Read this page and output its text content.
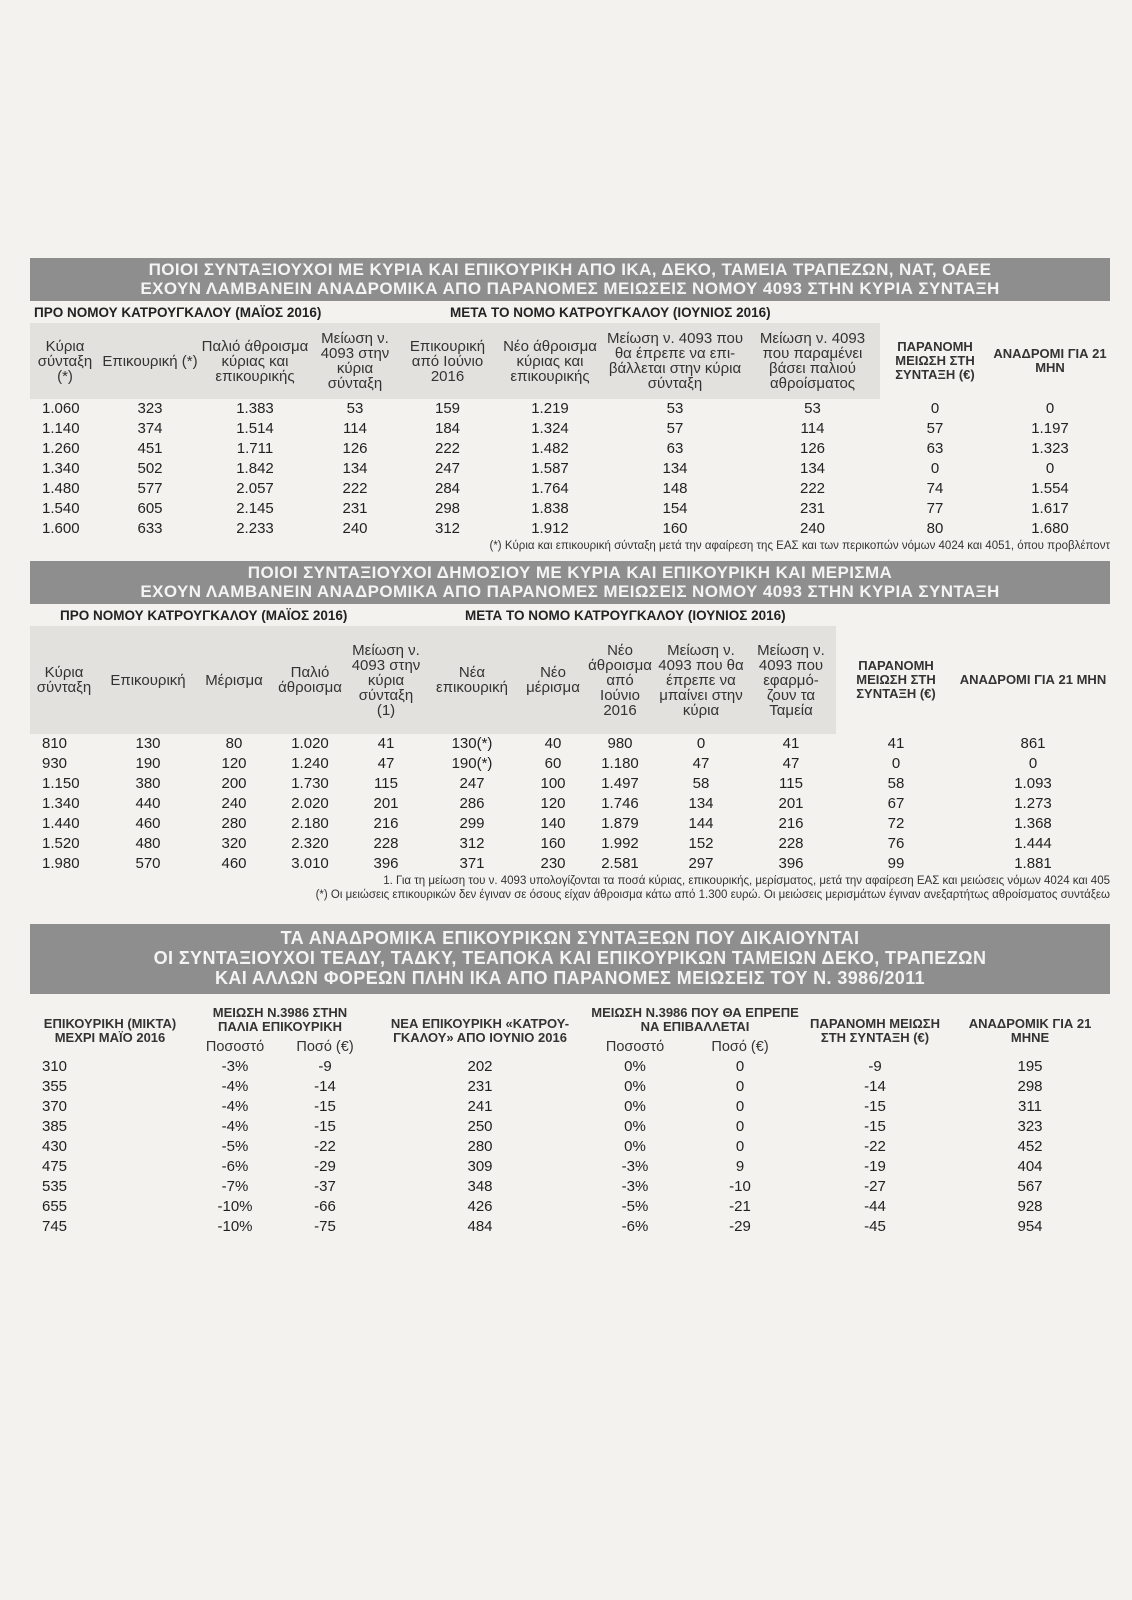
ΠΟΙΟΙ ΣΥΝΤΑΞΙΟΥΧΟΙ ΜΕ ΚΥΡΙΑ ΚΑΙ ΕΠΙΚΟΥΡΙΚΗ ΑΠΟ ΙΚΑ, ΔΕΚΟ, ΤΑΜΕΙΑ ΤΡΑΠΕΖΩΝ, ΝΑΤ, ΟΑΕΕ
ΕΧΟΥΝ ΛΑΜΒΑΝΕΙΝ ΑΝΑΔΡΟΜΙΚΑ ΑΠΟ ΠΑΡΑΝΟΜΕΣ ΜΕΙΩΣΕΙΣ ΝΟΜΟΥ 4093 ΣΤΗΝ ΚΥΡΙΑ ΣΥΝΤΑΞΗ
ΠΡΟ ΝΟΜΟΥ ΚΑΤΡΟΥΓΚΑΛΟΥ (ΜΑΪΟΣ 2016)	ΜΕΤΑ ΤΟ ΝΟΜΟ ΚΑΤΡΟΥΓΚΑΛΟΥ (ΙΟΥΝΙΟΣ 2016)
Κύρια σύνταξη (*)	Επικουρική (*)	Παλιό άθροισμα κύριας και επικουρικής	Μείωση ν. 4093 στην κύρια σύνταξη	Επικουρική από Ιούνιο 2016	Νέο άθροισμα κύριας και επικουρικής	Μείωση ν. 4093 που θα έπρεπε να επι- βάλλεται στην κύρια σύνταξη	Μείωση ν. 4093 που παραμένει βάσει παλιού αθροίσματος	ΠΑΡΑΝΟΜΗ ΜΕΙΩΣΗ ΣΤΗ ΣΥΝΤΑΞΗ (€)	ΑΝΑΔΡΟΜΙ ΓΙΑ 21 ΜΗΝ
1.060	323	1.383	53	159	1.219	53	53	0	0
1.140	374	1.514	114	184	1.324	57	114	57	1.197
1.260	451	1.711	126	222	1.482	63	126	63	1.323
1.340	502	1.842	134	247	1.587	134	134	0	0
1.480	577	2.057	222	284	1.764	148	222	74	1.554
1.540	605	2.145	231	298	1.838	154	231	77	1.617
1.600	633	2.233	240	312	1.912	160	240	80	1.680
(*) Κύρια και επικουρική σύνταξη μετά την αφαίρεση της ΕΑΣ και των περικοπών νόμων 4024 και 4051, όπου προβλέποντ
ΠΟΙΟΙ ΣΥΝΤΑΞΙΟΥΧΟΙ ΔΗΜΟΣΙΟΥ ΜΕ ΚΥΡΙΑ ΚΑΙ ΕΠΙΚΟΥΡΙΚΗ ΚΑΙ ΜΕΡΙΣΜΑ
ΕΧΟΥΝ ΛΑΜΒΑΝΕΙΝ ΑΝΑΔΡΟΜΙΚΑ ΑΠΟ ΠΑΡΑΝΟΜΕΣ ΜΕΙΩΣΕΙΣ ΝΟΜΟΥ 4093 ΣΤΗΝ ΚΥΡΙΑ ΣΥΝΤΑΞΗ
ΠΡΟ ΝΟΜΟΥ ΚΑΤΡΟΥΓΚΑΛΟΥ (ΜΑΪΟΣ 2016)	ΜΕΤΑ ΤΟ ΝΟΜΟ ΚΑΤΡΟΥΓΚΑΛΟΥ (ΙΟΥΝΙΟΣ 2016)
Κύρια σύνταξη	Επικουρική	Μέρισμα	Παλιό άθροισμα	Μείωση ν. 4093 στην κύρια σύνταξη (1)	Νέα επικουρική	Νέο μέρισμα	Νέο άθροισμα από Ιούνιο 2016	Μείωση ν. 4093 που θα έπρεπε να μπαίνει στην κύρια	Μείωση ν. 4093 που εφαρμό- ζουν τα Ταμεία	ΠΑΡΑΝΟΜΗ ΜΕΙΩΣΗ ΣΤΗ ΣΥΝΤΑΞΗ (€)	ΑΝΑΔΡΟΜΙ ΓΙΑ 21 ΜΗΝ
810	130	80	1.020	41	130(*)	40	980	0	41	41	861
930	190	120	1.240	47	190(*)	60	1.180	47	47	0	0
1.150	380	200	1.730	115	247	100	1.497	58	115	58	1.093
1.340	440	240	2.020	201	286	120	1.746	134	201	67	1.273
1.440	460	280	2.180	216	299	140	1.879	144	216	72	1.368
1.520	480	320	2.320	228	312	160	1.992	152	228	76	1.444
1.980	570	460	3.010	396	371	230	2.581	297	396	99	1.881
1. Για τη μείωση του ν. 4093 υπολογίζονται τα ποσά κύριας, επικουρικής, μερίσματος, μετά την αφαίρεση ΕΑΣ και μειώσεις νόμων 4024 και 405
(*) Οι μειώσεις επικουρικών δεν έγιναν σε όσους είχαν άθροισμα κάτω από 1.300 ευρώ. Οι μειώσεις μερισμάτων έγιναν ανεξαρτήτως αθροίσματος συντάξεω
ΤΑ ΑΝΑΔΡΟΜΙΚΑ ΕΠΙΚΟΥΡΙΚΩΝ ΣΥΝΤΑΞΕΩΝ ΠΟΥ ΔΙΚΑΙΟΥΝΤΑΙ
ΟΙ ΣΥΝΤΑΞΙΟΥΧΟΙ ΤΕΑΔΥ, ΤΑΔΚΥ, ΤΕΑΠΟΚΑ ΚΑΙ ΕΠΙΚΟΥΡΙΚΩΝ ΤΑΜΕΙΩΝ ΔΕΚΟ, ΤΡΑΠΕΖΩΝ
ΚΑΙ ΑΛΛΩΝ ΦΟΡΕΩΝ ΠΛΗΝ ΙΚΑ ΑΠΟ ΠΑΡΑΝΟΜΕΣ ΜΕΙΩΣΕΙΣ ΤΟΥ Ν. 3986/2011
ΕΠΙΚΟΥΡΙΚΗ (ΜΙΚΤΑ) ΜΕΧΡΙ ΜΑΪΟ 2016	ΜΕΙΩΣΗ Ν.3986 ΣΤΗΝ ΠΑΛΙΑ ΕΠΙΚΟΥΡΙΚΗ		ΝΕΑ ΕΠΙΚΟΥΡΙΚΗ «ΚΑΤΡΟΥ- ΓΚΑΛΟΥ» ΑΠΟ ΙΟΥΝΙΟ 2016	ΜΕΙΩΣΗ Ν.3986 ΠΟΥ ΘΑ ΕΠΡΕΠΕ ΝΑ ΕΠΙΒΑΛΛΕΤΑΙ		ΠΑΡΑΝΟΜΗ ΜΕΙΩΣΗ ΣΤΗ ΣΥΝΤΑΞΗ (€)	ΑΝΑΔΡΟΜΙΚ ΓΙΑ 21 ΜΗΝΕ
	Ποσοστό	Ποσό (€)		Ποσοστό	Ποσό (€)		
310	-3%	-9	202	0%	0	-9	195
355	-4%	-14	231	0%	0	-14	298
370	-4%	-15	241	0%	0	-15	311
385	-4%	-15	250	0%	0	-15	323
430	-5%	-22	280	0%	0	-22	452
475	-6%	-29	309	-3%	9	-19	404
535	-7%	-37	348	-3%	-10	-27	567
655	-10%	-66	426	-5%	-21	-44	928
745	-10%	-75	484	-6%	-29	-45	954
